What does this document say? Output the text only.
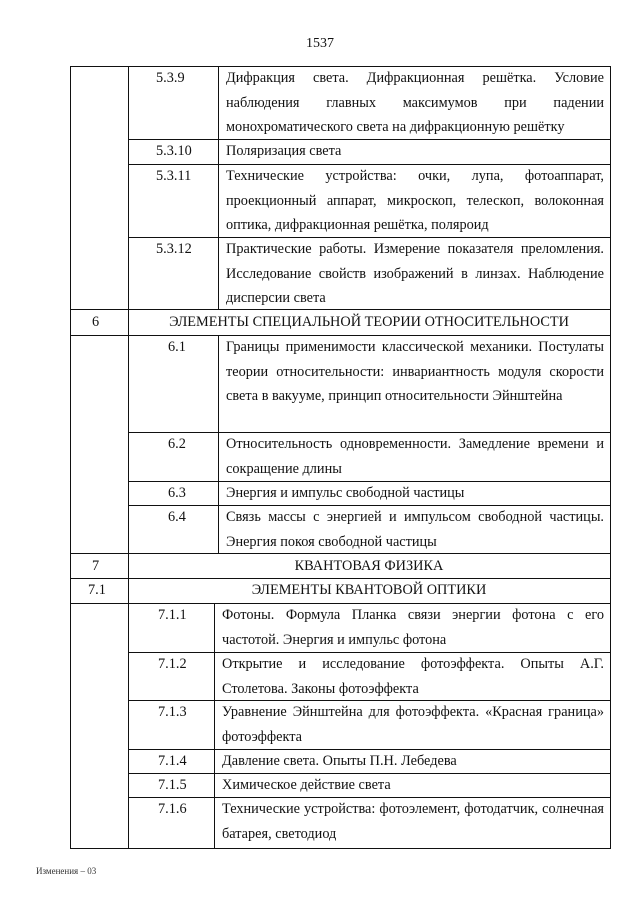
1537
5.3.9	Дифракция света. Дифракционная решётка. Условие наблюдения главных максимумов при падении монохроматического света на дифракционную решётку
5.3.10	Поляризация света
5.3.11	Технические устройства: очки, лупа, фотоаппарат, проекционный аппарат, микроскоп, телескоп, волоконная оптика, дифракционная решётка, поляроид
5.3.12	Практические работы. Измерение показателя преломления. Исследование свойств изображений в линзах. Наблюдение дисперсии света
6	ЭЛЕМЕНТЫ СПЕЦИАЛЬНОЙ ТЕОРИИ ОТНОСИТЕЛЬНОСТИ
6.1	Границы применимости классической механики. Постулаты теории относительности: инвариантность модуля скорости света в вакууме, принцип относительности Эйнштейна
6.2	Относительность одновременности. Замедление времени и сокращение длины
6.3	Энергия и импульс свободной частицы
6.4	Связь массы с энергией и импульсом свободной частицы. Энергия покоя свободной частицы
7	КВАНТОВАЯ ФИЗИКА
7.1	ЭЛЕМЕНТЫ КВАНТОВОЙ ОПТИКИ
7.1.1	Фотоны. Формула Планка связи энергии фотона с его частотой. Энергия и импульс фотона
7.1.2	Открытие и исследование фотоэффекта. Опыты А.Г. Столетова. Законы фотоэффекта
7.1.3	Уравнение Эйнштейна для фотоэффекта. «Красная граница» фотоэффекта
7.1.4	Давление света. Опыты П.Н. Лебедева
7.1.5	Химическое действие света
7.1.6	Технические устройства: фотоэлемент, фотодатчик, солнечная батарея, светодиод
Изменения – 03
